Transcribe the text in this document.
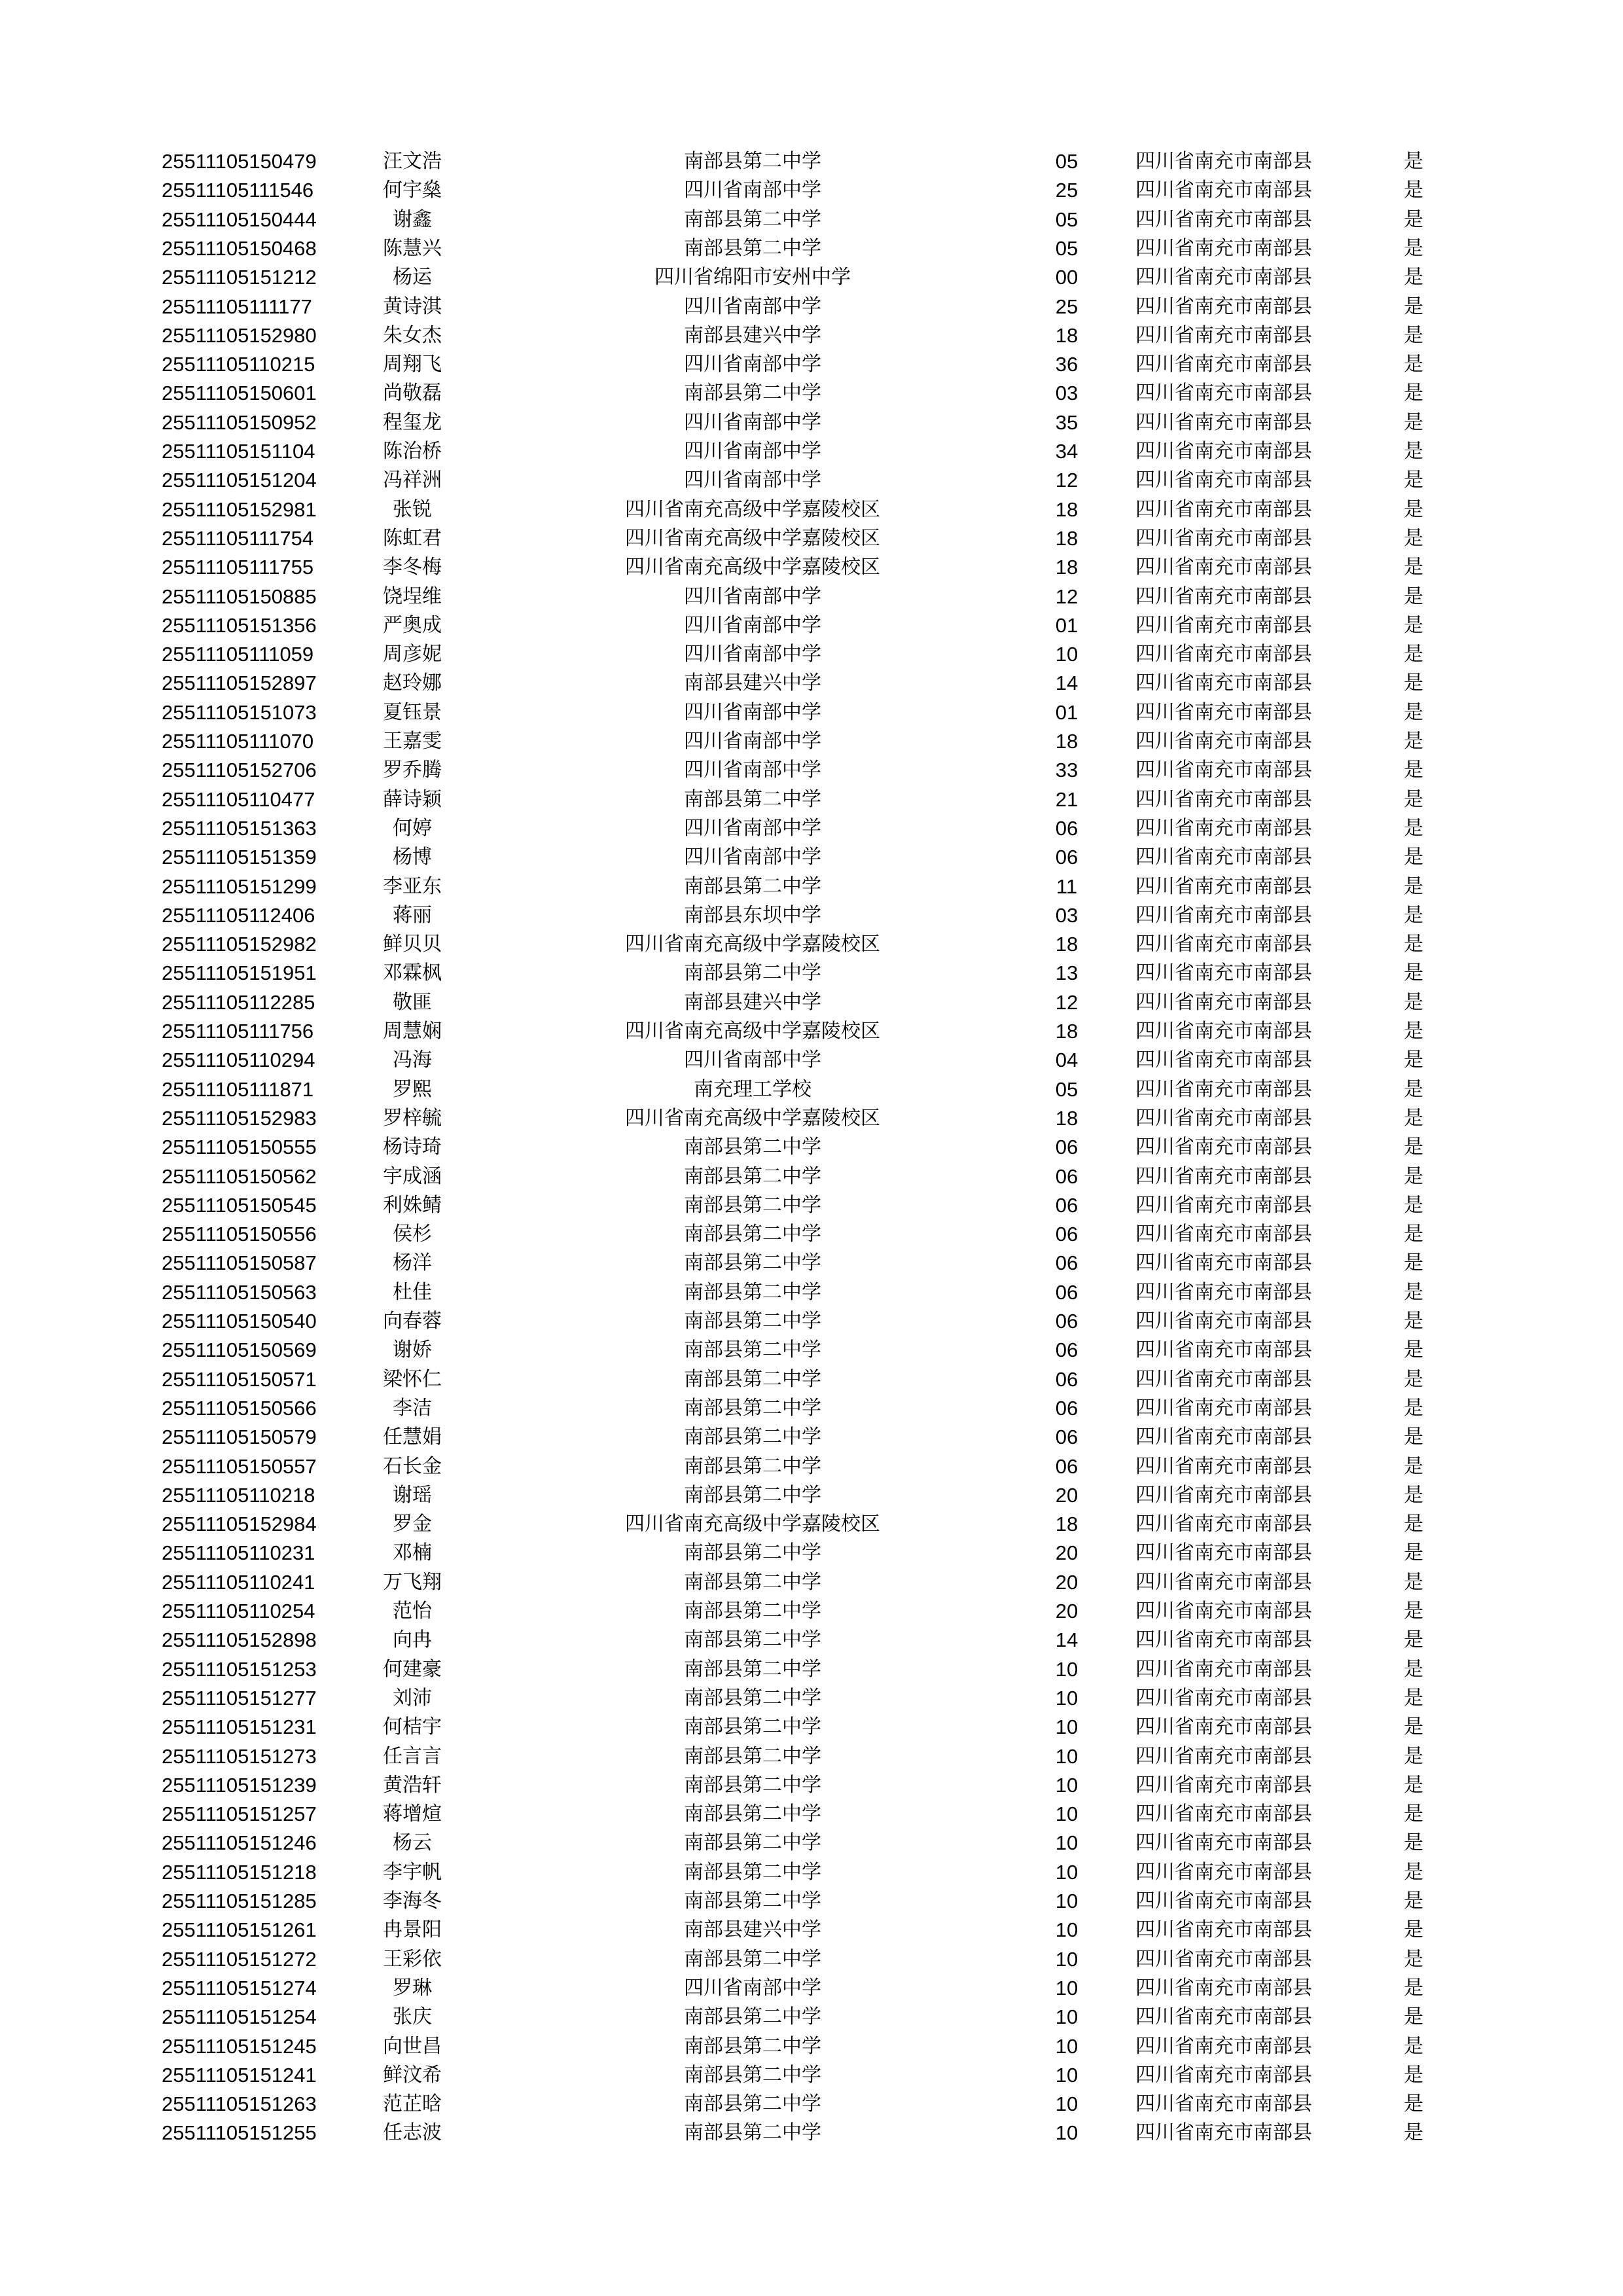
25511105150479	汪文浩	南部县第二中学	05	四川省南充市南部县	是
25511105111546	何宇燊	四川省南部中学	25	四川省南充市南部县	是
25511105150444	谢鑫	南部县第二中学	05	四川省南充市南部县	是
25511105150468	陈慧兴	南部县第二中学	05	四川省南充市南部县	是
25511105151212	杨运	四川省绵阳市安州中学	00	四川省南充市南部县	是
25511105111177	黄诗淇	四川省南部中学	25	四川省南充市南部县	是
25511105152980	朱女杰	南部县建兴中学	18	四川省南充市南部县	是
25511105110215	周翔飞	四川省南部中学	36	四川省南充市南部县	是
25511105150601	尚敬磊	南部县第二中学	03	四川省南充市南部县	是
25511105150952	程玺龙	四川省南部中学	35	四川省南充市南部县	是
25511105151104	陈治桥	四川省南部中学	34	四川省南充市南部县	是
25511105151204	冯祥洲	四川省南部中学	12	四川省南充市南部县	是
25511105152981	张锐	四川省南充高级中学嘉陵校区	18	四川省南充市南部县	是
25511105111754	陈虹君	四川省南充高级中学嘉陵校区	18	四川省南充市南部县	是
25511105111755	李冬梅	四川省南充高级中学嘉陵校区	18	四川省南充市南部县	是
25511105150885	饶埕维	四川省南部中学	12	四川省南充市南部县	是
25511105151356	严奥成	四川省南部中学	01	四川省南充市南部县	是
25511105111059	周彦妮	四川省南部中学	10	四川省南充市南部县	是
25511105152897	赵玲娜	南部县建兴中学	14	四川省南充市南部县	是
25511105151073	夏钰景	四川省南部中学	01	四川省南充市南部县	是
25511105111070	王嘉雯	四川省南部中学	18	四川省南充市南部县	是
25511105152706	罗乔腾	四川省南部中学	33	四川省南充市南部县	是
25511105110477	薛诗颖	南部县第二中学	21	四川省南充市南部县	是
25511105151363	何婷	四川省南部中学	06	四川省南充市南部县	是
25511105151359	杨博	四川省南部中学	06	四川省南充市南部县	是
25511105151299	李亚东	南部县第二中学	11	四川省南充市南部县	是
25511105112406	蒋丽	南部县东坝中学	03	四川省南充市南部县	是
25511105152982	鲜贝贝	四川省南充高级中学嘉陵校区	18	四川省南充市南部县	是
25511105151951	邓霖枫	南部县第二中学	13	四川省南充市南部县	是
25511105112285	敬匪	南部县建兴中学	12	四川省南充市南部县	是
25511105111756	周慧娴	四川省南充高级中学嘉陵校区	18	四川省南充市南部县	是
25511105110294	冯海	四川省南部中学	04	四川省南充市南部县	是
25511105111871	罗熙	南充理工学校	05	四川省南充市南部县	是
25511105152983	罗梓毓	四川省南充高级中学嘉陵校区	18	四川省南充市南部县	是
25511105150555	杨诗琦	南部县第二中学	06	四川省南充市南部县	是
25511105150562	宇成涵	南部县第二中学	06	四川省南充市南部县	是
25511105150545	利姝鲭	南部县第二中学	06	四川省南充市南部县	是
25511105150556	侯杉	南部县第二中学	06	四川省南充市南部县	是
25511105150587	杨洋	南部县第二中学	06	四川省南充市南部县	是
25511105150563	杜佳	南部县第二中学	06	四川省南充市南部县	是
25511105150540	向春蓉	南部县第二中学	06	四川省南充市南部县	是
25511105150569	谢娇	南部县第二中学	06	四川省南充市南部县	是
25511105150571	梁怀仁	南部县第二中学	06	四川省南充市南部县	是
25511105150566	李洁	南部县第二中学	06	四川省南充市南部县	是
25511105150579	任慧娟	南部县第二中学	06	四川省南充市南部县	是
25511105150557	石长金	南部县第二中学	06	四川省南充市南部县	是
25511105110218	谢瑶	南部县第二中学	20	四川省南充市南部县	是
25511105152984	罗金	四川省南充高级中学嘉陵校区	18	四川省南充市南部县	是
25511105110231	邓楠	南部县第二中学	20	四川省南充市南部县	是
25511105110241	万飞翔	南部县第二中学	20	四川省南充市南部县	是
25511105110254	范怡	南部县第二中学	20	四川省南充市南部县	是
25511105152898	向冉	南部县第二中学	14	四川省南充市南部县	是
25511105151253	何建豪	南部县第二中学	10	四川省南充市南部县	是
25511105151277	刘沛	南部县第二中学	10	四川省南充市南部县	是
25511105151231	何桔宇	南部县第二中学	10	四川省南充市南部县	是
25511105151273	任言言	南部县第二中学	10	四川省南充市南部县	是
25511105151239	黄浩轩	南部县第二中学	10	四川省南充市南部县	是
25511105151257	蒋增煊	南部县第二中学	10	四川省南充市南部县	是
25511105151246	杨云	南部县第二中学	10	四川省南充市南部县	是
25511105151218	李宇帆	南部县第二中学	10	四川省南充市南部县	是
25511105151285	李海冬	南部县第二中学	10	四川省南充市南部县	是
25511105151261	冉景阳	南部县建兴中学	10	四川省南充市南部县	是
25511105151272	王彩依	南部县第二中学	10	四川省南充市南部县	是
25511105151274	罗琳	四川省南部中学	10	四川省南充市南部县	是
25511105151254	张庆	南部县第二中学	10	四川省南充市南部县	是
25511105151245	向世昌	南部县第二中学	10	四川省南充市南部县	是
25511105151241	鲜汶希	南部县第二中学	10	四川省南充市南部县	是
25511105151263	范芷晗	南部县第二中学	10	四川省南充市南部县	是
25511105151255	任志波	南部县第二中学	10	四川省南充市南部县	是
